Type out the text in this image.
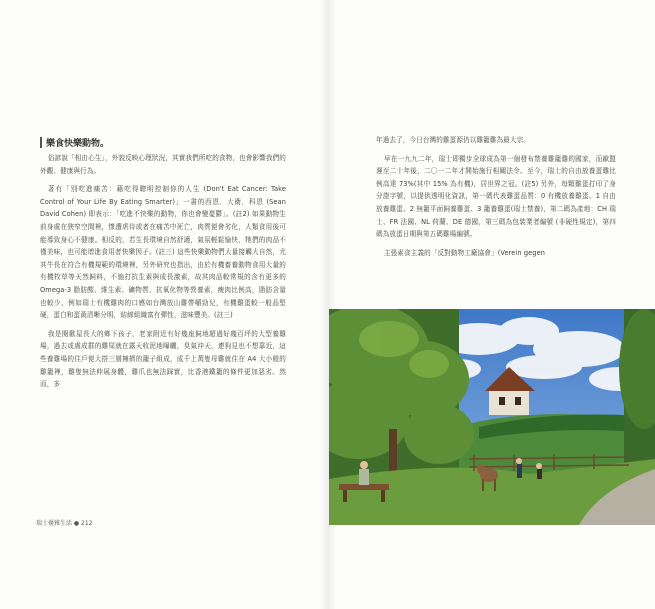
樂食快樂動物。

俗諺說「相由心生」，外貌反映心理狀況，其實我們所吃的食物，也會影響我們的外觀、健康與行為。

著有「別吃進痛苦：藉吃得聰明控制你的人生 (Don't Eat Cancer: Take Control of Your Life By Eating Smarter)」一書的西恩．大衛．科恩 (Sean David Cohen) 即表示：「吃進不快樂的動物，你也會變憂鬱」。(註2) 如果動物生前身處在狹窄空間裡，慘遭虐待或者在痛苦中死亡，肉質便會劣化，人類食用後可能導致身心不健康。相反的，若生長環境自然舒適，氣氛輕鬆愉快，牠們的肉品不僅美味，也可能增進食用者快樂因子。(註三) 這些快樂動物們大量接觸大自然，尤其牛長在符合有機規範的環境裡，另外研究也指出，由於有機畜養動物食用大量的有機牧草等天然飼料，不施打抗生素與成長激素，故其肉品較常規的含有更多的 Omega-3 脂肪酸、維生素、礦物質、抗氧化物等營養素，瘦肉比例高，脂肪含量也較少，例如瑞士有機雞肉的口感如台灣放山雞帶嚼勁兒，有機雞蛋較一般品堅硬，蛋白和蛋黃清晰分明，結締組織富有彈性，滋味豐美。(註三)

我是閱歡屋長大的鄉下孩子，老家附近有好幾座飼地超過好幾百坪的大型養雞場，過去或處成群的雞屎就在露天收泥地曝曬，臭氣沖天，連狗見也不想靠近，這些養雞場的住戶便大搭三層擁擠的籠子組成，成千上萬隻母雞就住在 A4 大小般的雞籠裡，雞隻無法伸展身體，雞爪也無法踩實，比香港鐵籠的條件更加惡劣。然而，多

瑞士優雅生活 ● 212

年過去了，今日台灣的雞蛋源仍以雞籠雞為最大宗。

早在一九九二年，瑞士即獨步全球成為第一個發布禁養雞籠雞的國家，而歐盟遲至二十年後，二〇一二年才開始施行相關法令。至今，瑞士的自由放養蛋雞比例高達 73%(其中 15% 為有機)，居世界之冠。(註5) 另外，每顆雞蛋打印了身分證字號，以提供透明化資訊，第一碼代表雞蛋品質：0 有機放養雞蛋、1 自由放養雞蛋、2 無籠平面飼養雞蛋、3 籠養雞蛋(瑞士禁養)，第二碼為產地：CH 瑞士、FR 法國、NL 荷蘭、DE 德國，第三碼為包裝業者編號 (非硬性規定)，第四碼為放蛋日期與第五碼雞場編號。

主張素食主義的「反對動物工廠協會」(Verein gegen
